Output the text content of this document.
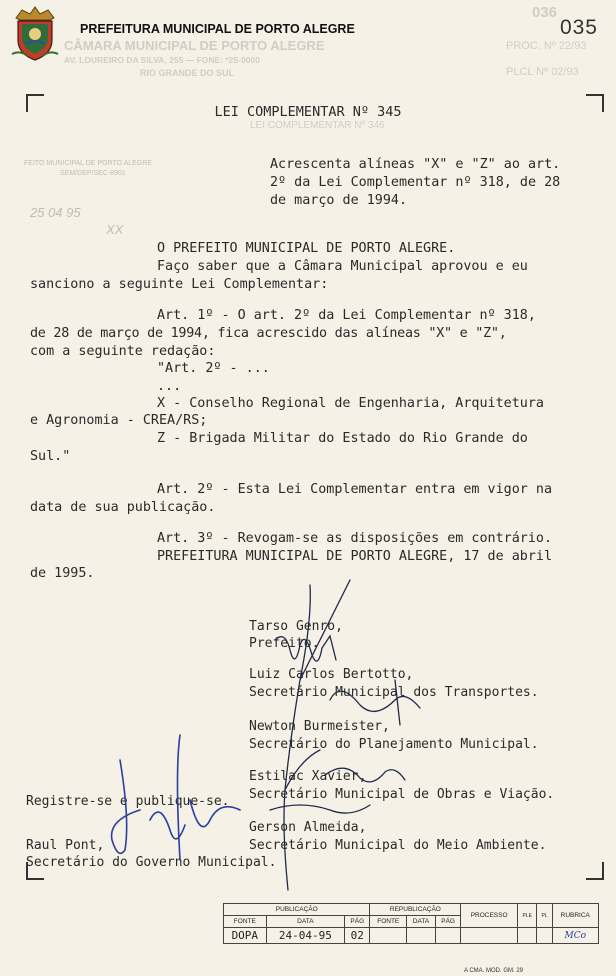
PREFEITURA MUNICIPAL DE PORTO ALEGRE	035
CÂMARA MUNICIPAL DE PORTO ALEGRE
AV. LOUREIRO DA SILVA, 255 — FONE: *25-0000
RIO GRANDE DO SUL
036
PROC. Nº 22/93
PLCL Nº 02/93
LEI COMPLEMENTAR Nº 346
FEITO MUNICIPAL DE PORTO ALEGRE
SEM/DEP/SEC-8901
25 04 95
XX
LEI COMPLEMENTAR Nº 345
Acrescenta alíneas "X" e "Z" ao art.
2º da Lei Complementar nº 318, de 28
de março de 1994.
O PREFEITO MUNICIPAL DE PORTO ALEGRE.
Faço saber que a Câmara Municipal aprovou e eu
sanciono a seguinte Lei Complementar:
Art. 1º - O art. 2º da Lei Complementar nº 318,
de 28 de março de 1994, fica acrescido das alíneas "X" e "Z",
com a seguinte redação:
"Art. 2º - ...
...
X - Conselho Regional de Engenharia, Arquitetura
e Agronomia - CREA/RS;
Z - Brigada Militar do Estado do Rio Grande do
Sul."
Art. 2º - Esta Lei Complementar entra em vigor na
data de sua publicação.
Art. 3º - Revogam-se as disposições em contrário.
PREFEITURA MUNICIPAL DE PORTO ALEGRE, 17 de abril
de 1995.
Tarso Genro,
Prefeito.
Luiz Carlos Bertotto,
Secretário Municipal dos Transportes.
Newton Burmeister,
Secretário do Planejamento Municipal.
Estilac Xavier,
Secretário Municipal de Obras e Viação.
Gerson Almeida,
Secretário Municipal do Meio Ambiente.
Registre-se e publique-se.
Raul Pont,
Secretário do Governo Municipal.
PUBLICAÇÃO			REPUBLICAÇÃO			PROCESSO	PLE	PL	RUBRICA
FONTE	DATA	PÁG	FONTE	DATA	PÁG				
DOPA	24-04-95	02							MCo
A CMA. MOD. GM. 29
